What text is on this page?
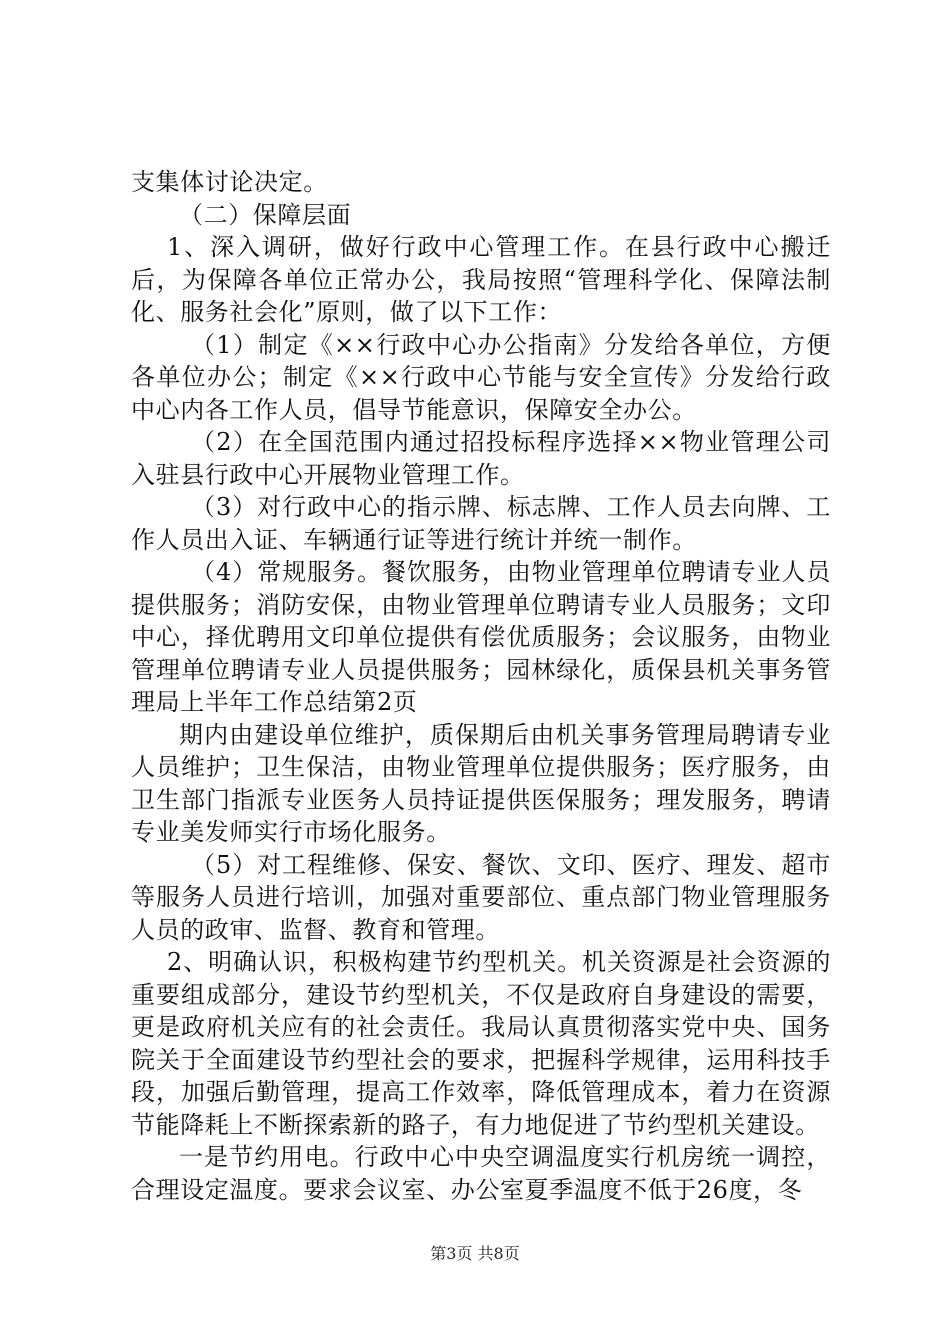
支集体讨论决定。

（二）保障层面

1、深入调研，做好行政中心管理工作。在县行政中心搬迁后，为保障各单位正常办公，我局按照“管理科学化、保障法制化、服务社会化”原则，做了以下工作：

（1）制定《××行政中心办公指南》分发给各单位，方便各单位办公；制定《××行政中心节能与安全宣传》分发给行政中心内各工作人员，倡导节能意识，保障安全办公。

（2）在全国范围内通过招投标程序选择××物业管理公司入驻县行政中心开展物业管理工作。

（3）对行政中心的指示牌、标志牌、工作人员去向牌、工作人员出入证、车辆通行证等进行统计并统一制作。

（4）常规服务。餐饮服务，由物业管理单位聘请专业人员提供服务；消防安保，由物业管理单位聘请专业人员服务；文印中心，择优聘用文印单位提供有偿优质服务；会议服务，由物业管理单位聘请专业人员提供服务；园林绿化，质保县机关事务管理局上半年工作总结第2页

期内由建设单位维护，质保期后由机关事务管理局聘请专业人员维护；卫生保洁，由物业管理单位提供服务；医疗服务，由卫生部门指派专业医务人员持证提供医保服务；理发服务，聘请专业美发师实行市场化服务。

（5）对工程维修、保安、餐饮、文印、医疗、理发、超市等服务人员进行培训，加强对重要部位、重点部门物业管理服务人员的政审、监督、教育和管理。

2、明确认识，积极构建节约型机关。机关资源是社会资源的重要组成部分，建设节约型机关，不仅是政府自身建设的需要，更是政府机关应有的社会责任。我局认真贯彻落实党中央、国务院关于全面建设节约型社会的要求，把握科学规律，运用科技手段，加强后勤管理，提高工作效率，降低管理成本，着力在资源节能降耗上不断探索新的路子，有力地促进了节约型机关建设。

一是节约用电。行政中心中央空调温度实行机房统一调控，合理设定温度。要求会议室、办公室夏季温度不低于26度，冬

第3页 共8页
